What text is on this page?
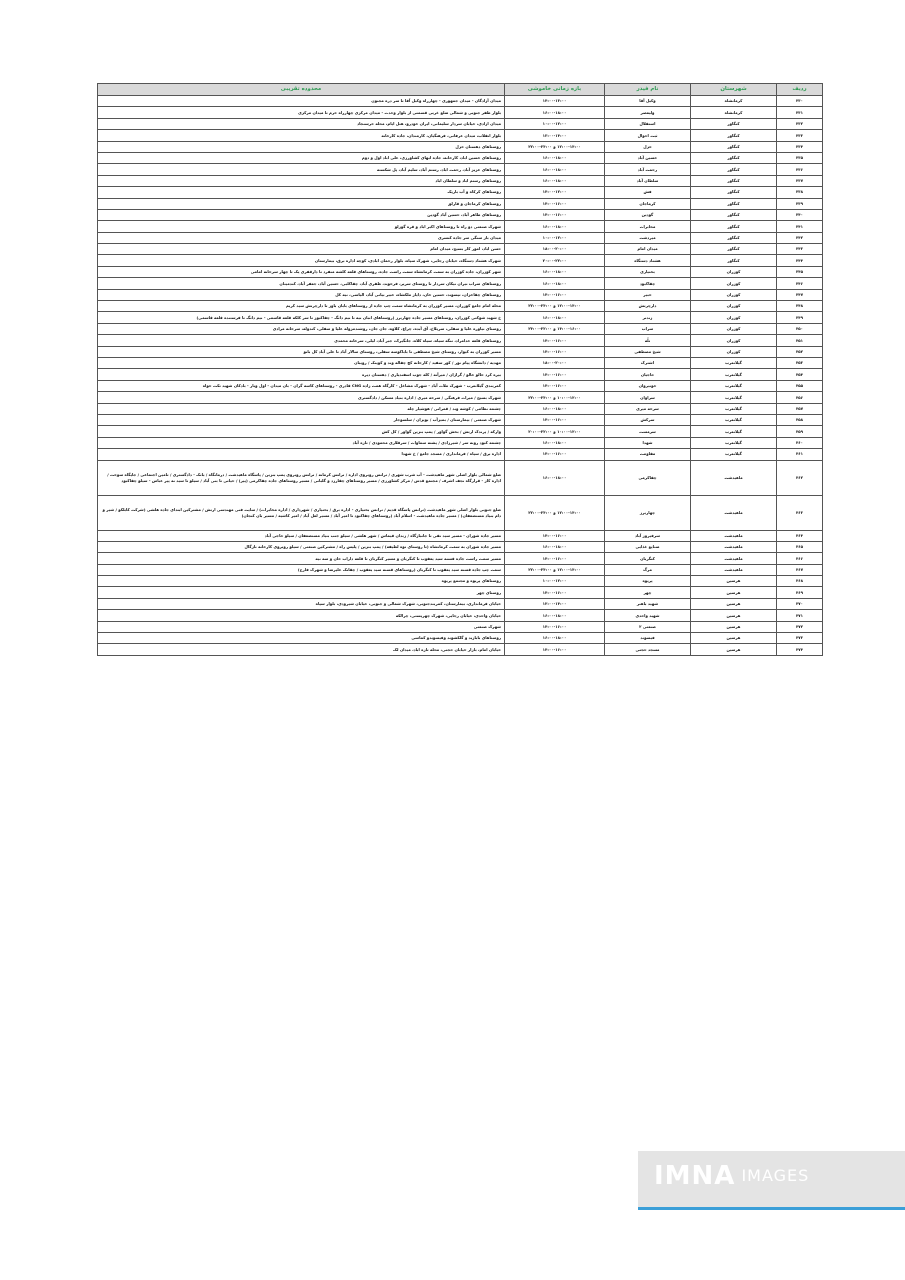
ردیف	شهرستان	نام فیدر	بازه زمانی خاموشی	محدوده تقریبی
۴۳۰	کرمانشاه	وکیل آقا	۱۴:۰۰-۱۳:۰۰	میدان آزادگان - میدان جمهوری - چهارراه وکیل آقا تا سر دره مجنون
۴۳۱	کرمانشاه	ولیعصر	۱۶:۰۰-۱۸:۰۰	بلوار ظفر جنوبی و شمالی ضلع غربی قسمتی از بلوار وحدت - میدان مرکزی چهارراه خرم تا میدان مرکزی
۴۳۲	کنگاور	استقلال	۱۰:۰۰-۱۲:۰۰	میدان ازادی، خیابان سردار سلیمانی، ایران خودرو، هتل ایام، محله خرسنجاد
۴۳۳	کنگاور	ثبت احوال	۱۳:۰۰-۱۴:۰۰	بلوار انقلاب، میدان عرفانی، فرهنگیان، کارمندان، جاده کارخانه
۴۳۴	کنگاور	خزل	۱۲:۰۰-۱۴:۰۰ و ۲۴:۰۰-۲۲:۰۰	روستاهای دهستان خزل
۴۳۵	کنگاور	خسین آباد	۱۶:۰۰-۱۸:۰۰	روستاهای خسین اباد، کارخانه، جاده ابهای کشاورزی، علی اباد اول و دوم
۴۳۶	کنگاور	رحمت آباد	۱۶:۰۰-۱۸:۰۰	روستاهای عزیز آباد، رحمت اباد، رستم آباد، سلیم آباد، پل شکسته
۴۳۷	کنگاور	سلطان آباد	۱۶:۰۰-۱۸:۰۰	روستاهای رستم اباد و سلطان اباد
۴۳۸	کنگاور	فش	۱۴:۰۰-۱۲:۰۰	روستاهای کرکاه و آب باریک
۴۳۹	کنگاور	کرماجان	۱۴:۰۰-۱۶:۰۰	روستاهای کرماجان و قارلق
۴۴۰	کنگاور	گودین	۱۴:۰۰-۱۶:۰۰	روستاهای طاهر آباد، حسین آباد گودین
۴۴۱	کنگاور	مخابرات	۱۶:۰۰-۱۸:۰۰	شهرک صنعتی دو راه تا روستاهای اکبر اباد و قره گوزلو
۴۴۲	کنگاور	میردشت	۱۰:۰۰-۱۲:۰۰	میدان باز سنگی سر جاده کنسری
۴۴۳	کنگاور	میدان امام	۱۸:۰۰-۲۰:۰۰	حسن اباد، امور کار بسیج، میدان امام
۴۴۴	کنگاور	هشتاد دستگاه	۲۰:۰۰-۲۲:۰۰	شهرک هشتاد دستگاه، خیابان رجایی، شهرک سپاه، بلوار رحمان ابادی، کوچه اداره برق، بیمارستان
۴۴۵	کوزران	بختیاری	۱۶:۰۰-۱۸:۰۰	شهر کوزران، جاده کوزران به سمت کرمانشاه سمت راست جاده، روستاهای قلعه کلشه منفرد تا دارقفری یک تا چهار سرخانه امامی
۴۴۶	کوزران	چقاکبود	۱۶:۰۰-۱۸:۰۰	روستاهای سراب نیران نیکان سردار تا روستای سریر، فرخوند، ظفری آباد، چقاکلبی، حسین آباد، جعفر آباد، کندمینان
۴۴۷	کوزران	خبیر	۱۴:۰۰-۱۶:۰۰	روستاهای چقاخزان، تپسوند، حسین خان، دایاز ملکشاه، خبیر بیانی آباد، الیاسی، نیه کل
۴۴۸	کوزران	دارچرتش	۱۲:۰۰-۱۴:۰۰ و ۲۴:۰۰-۲۲:۰۰	محله امام جامع کوزران، مسیر کوزران به کرمانشاه سمت چپ جاده از روستاهای بابان باوز تا دارچرتش سید کریم
۴۴۹	کوزران	زندنر	۱۶:۰۰-۱۸:۰۰	خ شهید شوکتی کوزران، روستاهای مسیر جاده چهاربرز (روستاهای انبان نیه تا نیم دانگ - چقاکبوز تا سر کلکه قلعه قاسمی - نیم دانگ تا فرستنده قلعه قاسمی)
۴۵۰	کوزران	سراب	۱۴:۰۰-۱۶:۰۰ و ۲۲:۰۰-۲۴:۰۰	روستای نیاوره علیا و سفلی، سرپلاخ، آق آبده، چراغ، کلاوه، جان جان، روشندمزوله علیا و سفلی، کندوله، سرخانه مرادی
۴۵۱	کوزران	تلّه	۱۴:۰۰-۱۶:۰۰	روستاهای قلعه خدامراد، تنگه سیاه، سیاه کلاه، جانگیرک، جبر آباد، لیلی، سرخانه محمدی
۴۵۲	کوزران	شیخ مصطفی	۱۴:۰۰-۱۶:۰۰	مسیر کوزران به کیوار، روستای شیخ مصطفی تا باباکوسه سفلی، روستای سالار آباد تا علی آباد کل بانو
۴۵۳	گیلانغرب	اشترک	۱۸:۰۰-۲۰:۰۰	مهدیه / دانشگاه پیام نور / کور سفید / کارخانه کچ چقاله وند و کوینک / رویبان
۴۵۴	گیلانغرب	حاجیان	۱۴:۰۰-۱۶:۰۰	بیره کرد خالو خالو / گراژان / میرآنه / کله جوب اسفندیاری / دهستان دیره
۴۵۵	گیلانغرب	خونیروان	۱۴:۰۰-۱۶:۰۰	کمربندی گیلانغرب - شهرک ملات آباد - شهرک مشاغل - کارگاه همت زاده CNG قادری - روستاهای کاسه گران - بان میدان - اول وبار - بادکان شهید تکت خواه
۴۵۶	گیلانغرب	سراوان	۱۰:۰۰-۱۲:۰۰ و ۲۴:۰۰-۲۲:۰۰	شهرک بسیج / میراث فرهنگی / سرخه میری / اداره بنیاد مسکن / دادگستری
۴۵۷	گیلانغرب	سرخه میری	۱۶:۰۰-۱۸:۰۰	چشمه نظامی / کوشه وند / قمرانی / هوشیار چله
۴۵۸	گیلانغرب	سرکش	۱۴:۰۰-۱۶:۰۰	شهرک صنعتی / بیمارستان / بمیزآب / بوبزان / سلسوجار
۴۵۹	گیلانغرب	سرمست	۱۰:۰۰-۱۲:۰۰ و ۲۲:۰۰-۲۰:۰۰	وارکه / پرندک ارتش / بخش گواور / پمپ بنزین گواور / کل کش
۴۶۰	گیلانغرب	شهدا	۱۶:۰۰-۱۸:۰۰	چشمه کبود رونه سر / شیرزادی / پشته سماوات / سرقلاری محمودی / تازه آباد
۴۶۱	گیلانغرب	مقاومت	۱۴:۰۰-۱۶:۰۰	اداره برق / سپاه / فرمانداری / مسجد جامع / خ شهدا
۴۶۲	ماهیدشت	چقاکرمی	۱۶:۰۰-۱۸:۰۰	ضلع شمالی بلوار اصلی شهر ماهیدشت - آب شرب شهری / ترانس روبروی اداره / ترانس کرمانه / ترانس روبروی پمپ بنزین / پاسگاه ماهیدشت / درمانگاه / بانک - دادگستری / تامین اجتماعی / جایگاه سوخت / اداره کاز - قرارگاه نجف اشرف / مجتمع قدس / مرکز کشاورزی / مسیر روستاهای چقارزد و گلبانی / مسیر روستاهای جاده چقاکرمی (پیر) / حیاتی تا بنی آباد / سیلو تا سید نه پیر عباس - سیلو چقاکبود
۴۶۳	ماهیدشت	چهاربرز	۱۲:۰۰-۱۴:۰۰ و ۲۴:۰۰-۲۲:۰۰	ضلع جنوبی بلوار اصلی شهر ماهیدشت (ترانس پاسگاه قدیم / ترانس بختیاری - اداره برق / بختیاری / شهرداری / اداره مخابرات) / سایت فنی مهندسی ارتش / مشترکین ابتدای جاده هلشی (شرکت کابلکو / شیر و دام بنیاد مستضعفان) / مسیر جاده ماهیدشت - اسلام آباد (روستاهای چقاکبود تا امیر آباد / مسیر لعل آباد / امیر کاشیه / مسیر بان کنجان)
۴۶۴	ماهیدشت	سرفیروز آباد	۱۴:۰۰-۱۶:۰۰	مسیر جاده شوران - مسیر سید نقی تا جانبازگاه / زندان قیماس / شهر هلشی / سیلو جنب بنیاد مستضعفان / سیلو حاجی آباد
۴۶۵	ماهیدشت	صنایع غذایی	۱۶:۰۰-۱۸:۰۰	مسیر جاده شوران به سمت کرمانشاه (تا روستای توه لطیفه) / پمپ بنزین / پلیس راه / مشترکین صنعتی / سیلو روبروی کارخانه نازگال
۴۶۶	ماهیدشت	کنگربان	۱۴:۰۰-۱۶:۰۰	مسیر سمت راست جاده قسنه سید یعقوب تا کنگربان و مسیر کنگربان تا قلعه داراب خان و سه نیه
۴۶۷	ماهیدشت	مرگ	۱۲:۰۰-۱۴:۰۰ و ۲۴:۰۰-۲۲:۰۰	سمت چپ جاده قسنه سید یعقوب تا کنگربان (روستاهای قسنه سید یعقوب / چقانک علیرضا و شهرک فارج)
۴۶۸	هرسین	پریوه	۱۰:۰۰-۱۲:۰۰	روستاهای پریوه و مجتمع پریوه
۴۶۹	هرسین	چهر	۱۴:۰۰-۱۶:۰۰	روستای چهر
۴۷۰	هرسین	شهید باهنر	۱۲:۰۰-۱۴:۰۰	خیابان فرمانداری، بیمارستان، کمربندجنوبی، شهرک شمالی و جنوبی، خیابان شیرودی، بلوار سپاه
۴۷۱	هرسین	شهید واحدی	۱۶:۰۰-۱۸:۰۰	خیابان واحدی، خیابان رجایی، شهرک چهرپستی، چرالکه
۴۷۲	هرسین	صنعتی ۲	۱۴:۰۰-۱۶:۰۰	شهرک صنعتی
۴۷۳	هرسین	فیسوند	۱۶:۰۰-۱۸:۰۰	روستاهای بابازید و گلکشوند وفیسوندو کماسی
۴۷۴	هرسین	مسجد حجتی	۱۴:۰۰-۱۶:۰۰	خیابان امام، بازار خیابان حجتی، محله تازه اباد، میدان لک
IMNA IMAGES
